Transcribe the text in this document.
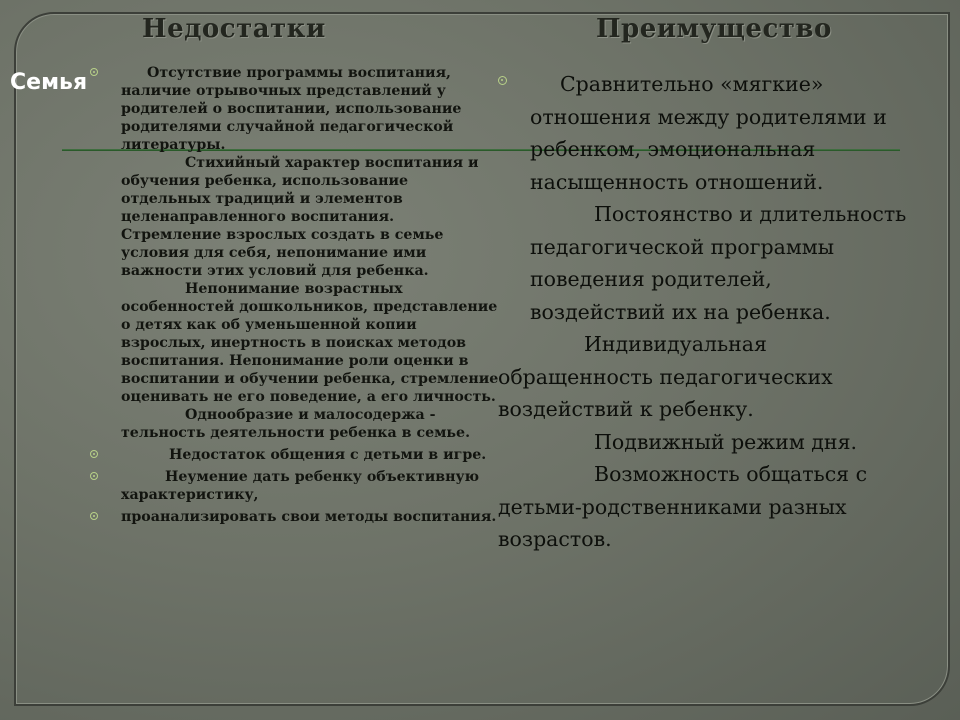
Недостатки	Преимущество
Семья	Отсутствие программы воспитания, наличие отрывочных представлений у родителей о воспитании, использование родителями случайной педагогической литературы.

Стихийный характер воспитания и обучения ребенка, использование отдельных традиций и элементов целенаправленного воспитания.

Стремление взрослых создать в семье условия для себя, непонимание ими важности этих условий для ребенка.

Непонимание возрастных особенностей дошкольников, представление о детях как об уменьшенной копии взрослых, инертность в поисках методов воспитания. Непонимание роли оценки в воспитании и обучении ребенка, стремление оценивать не его поведение, а его личность.

Однообразие и малосодержа - тельность деятельности ребенка в семье.

Недостаток общения с детьми в игре.

Неумение дать ребенку объективную характеристику,

проанализировать свои методы воспитания.

Сравнительно «мягкие» отношения между родителями и ребенком, эмоциональная насыщенность отношений.

Постоянство и длительность педагогической программы поведения родителей, воздействий их на ребенка.

Индивидуальная обращенность педагогических воздействий к ребенку.

Подвижный режим дня.

Возможность общаться с детьми-родственниками разных возрастов.
